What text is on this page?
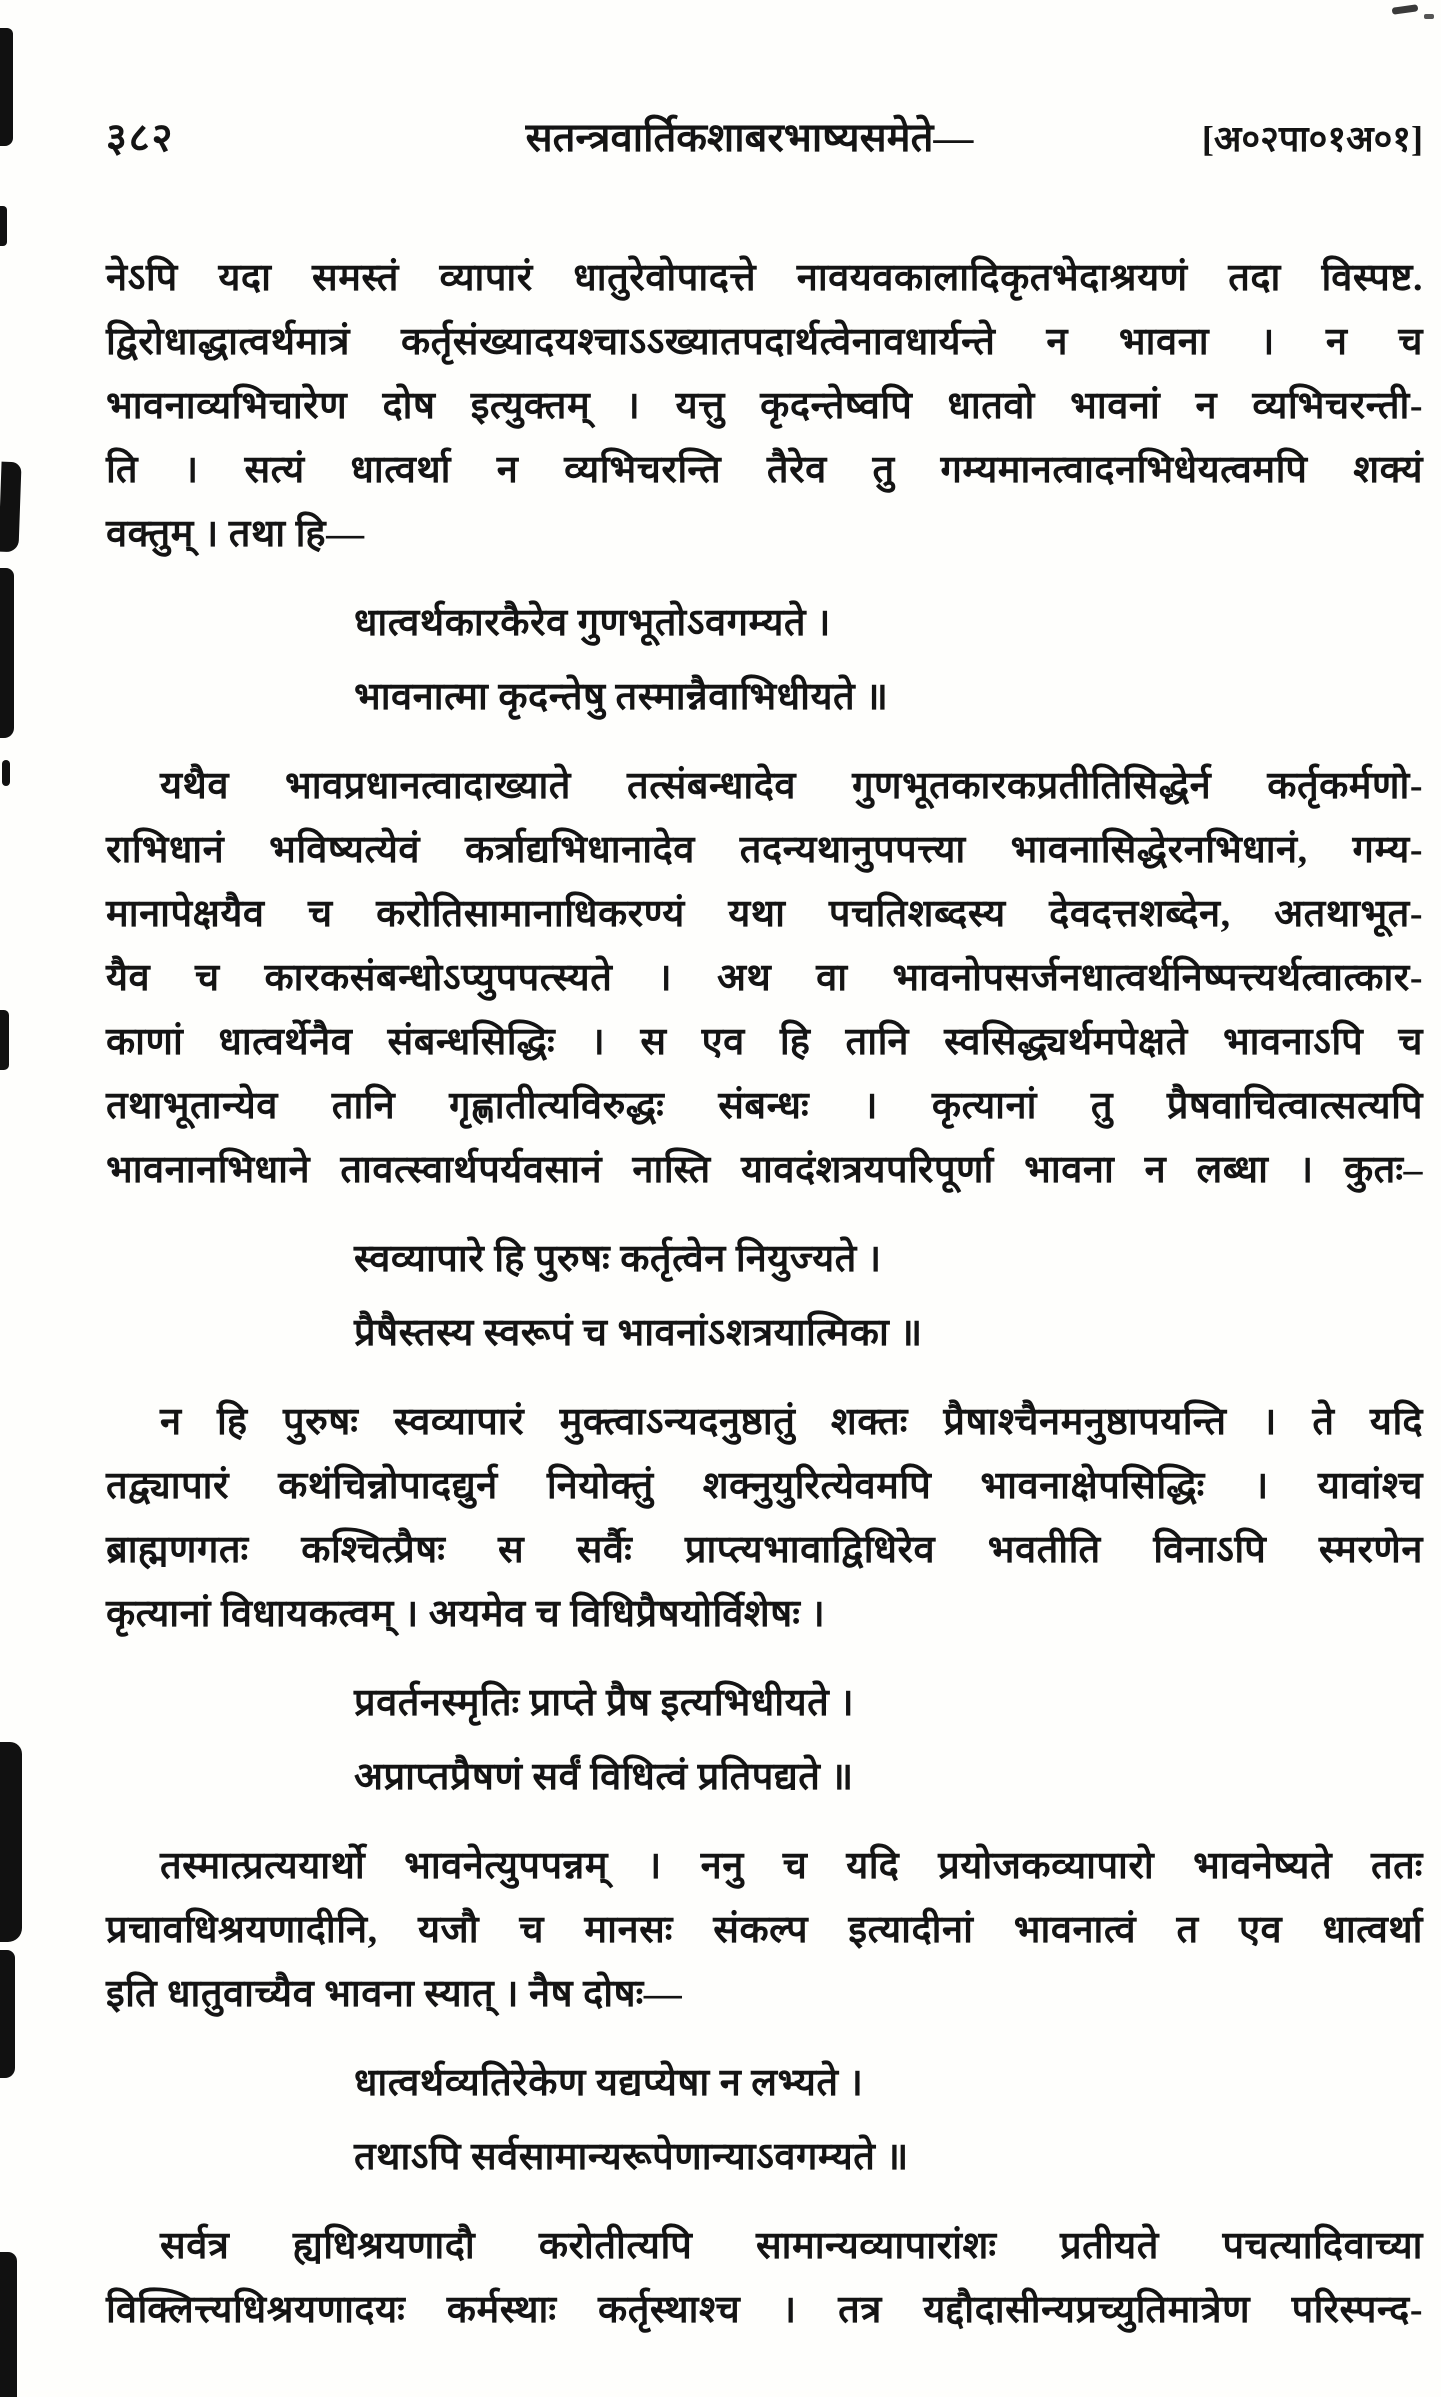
३८२	सतन्त्रवार्तिकशाबरभाष्यसमेते—	[अ०२पा०१अ०१]
नेऽपि यदा समस्तं व्यापारं धातुरेवोपादत्ते नावयवकालादिकृतभेदाश्रयणं तदा विस्पष्ट.
द्विरोधाद्धात्वर्थमात्रं कर्तृसंख्यादयश्चाऽऽख्यातपदार्थत्वेनावधार्यन्ते न भावना । न च
भावनाव्यभिचारेण दोष इत्युक्तम् । यत्तु कृदन्तेष्वपि धातवो भावनां न व्यभिचरन्ती-
ति । सत्यं धात्वर्था न व्यभिचरन्ति तैरेव तु गम्यमानत्वादनभिधेयत्वमपि शक्यं
वक्तुम् । तथा हि—
धात्वर्थकारकैरेव गुणभूतोऽवगम्यते ।
भावनात्मा कृदन्तेषु तस्मान्नैवाभिधीयते ॥
यथैव भावप्रधानत्वादाख्याते तत्संबन्धादेव गुणभूतकारकप्रतीतिसिद्धेर्न कर्तृकर्मणो-
राभिधानं भविष्यत्येवं कर्त्राद्यभिधानादेव तदन्यथानुपपत्त्या भावनासिद्धेरनभिधानं, गम्य-
मानापेक्षयैव च करोतिसामानाधिकरण्यं यथा पचतिशब्दस्य देवदत्तशब्देन, अतथाभूत-
यैव च कारकसंबन्धोऽप्युपपत्स्यते । अथ वा भावनोपसर्जनधात्वर्थनिष्पत्त्यर्थत्वात्कार-
काणां धात्वर्थेनैव संबन्धसिद्धिः । स एव हि तानि स्वसिद्ध्यर्थमपेक्षते भावनाऽपि च
तथाभूतान्येव तानि गृह्णातीत्यविरुद्धः संबन्धः । कृत्यानां तु प्रैषवाचित्वात्सत्यपि
भावनानभिधाने तावत्स्वार्थपर्यवसानं नास्ति यावदंशत्रयपरिपूर्णा भावना न लब्धा । कुतः–
स्वव्यापारे हि पुरुषः कर्तृत्वेन नियुज्यते ।
प्रैषैस्तस्य स्वरूपं च भावनांऽशत्रयात्मिका ॥
न हि पुरुषः स्वव्यापारं मुक्त्वाऽन्यदनुष्ठातुं शक्तः प्रैषाश्चैनमनुष्ठापयन्ति । ते यदि
तद्व्यापारं कथंचिन्नोपादद्युर्न नियोक्तुं शक्नुयुरित्येवमपि भावनाक्षेपसिद्धिः । यावांश्च
ब्राह्मणगतः कश्चित्प्रैषः स सर्वैः प्राप्त्यभावाद्विधिरेव भवतीति विनाऽपि स्मरणेन
कृत्यानां विधायकत्वम् । अयमेव च विधिप्रैषयोर्विशेषः ।
प्रवर्तनस्मृतिः प्राप्ते प्रैष इत्यभिधीयते ।
अप्राप्तप्रैषणं सर्वं विधित्वं प्रतिपद्यते ॥
तस्मात्प्रत्ययार्थो भावनेत्युपपन्नम् । ननु च यदि प्रयोजकव्यापारो भावनेष्यते ततः
प्रचावधिश्रयणादीनि, यजौ च मानसः संकल्प इत्यादीनां भावनात्वं त एव धात्वर्था
इति धातुवाच्यैव भावना स्यात् । नैष दोषः—
धात्वर्थव्यतिरेकेण यद्यप्येषा न लभ्यते ।
तथाऽपि सर्वसामान्यरूपेणान्याऽवगम्यते ॥
सर्वत्र ह्यधिश्रयणादौ करोतीत्यपि सामान्यव्यापारांशः प्रतीयते पचत्यादिवाच्या
विक्लित्त्यधिश्रयणादयः कर्मस्थाः कर्तृस्थाश्च । तत्र यद्दौदासीन्यप्रच्युतिमात्रेण परिस्पन्द-
